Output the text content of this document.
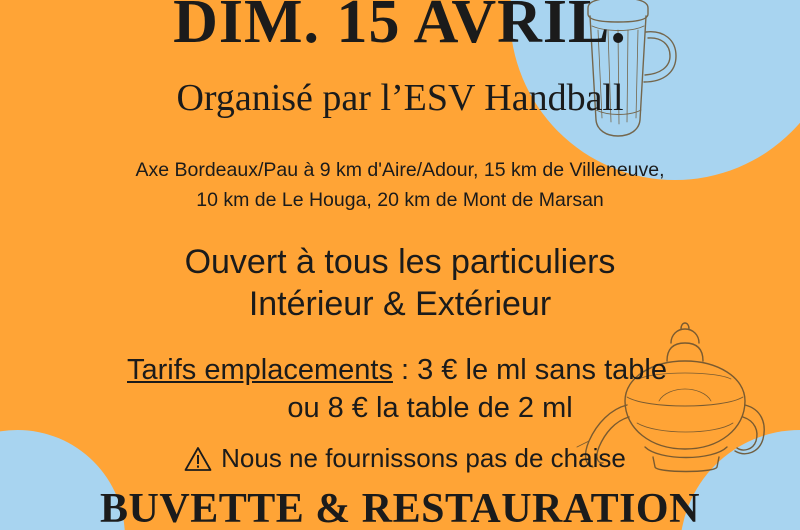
DIM. 15 AVRIL.
Organisé par l’ESV Handball
Axe Bordeaux/Pau à 9 km d'Aire/Adour, 15 km de Villeneuve,
10 km de Le Houga, 20 km de Mont de Marsan
Ouvert à tous les particuliers
Intérieur & Extérieur
Tarifs emplacements : 3 € le ml sans table
ou 8 € la table de 2 ml
Nous ne fournissons pas de chaise
BUVETTE & RESTAURATION
